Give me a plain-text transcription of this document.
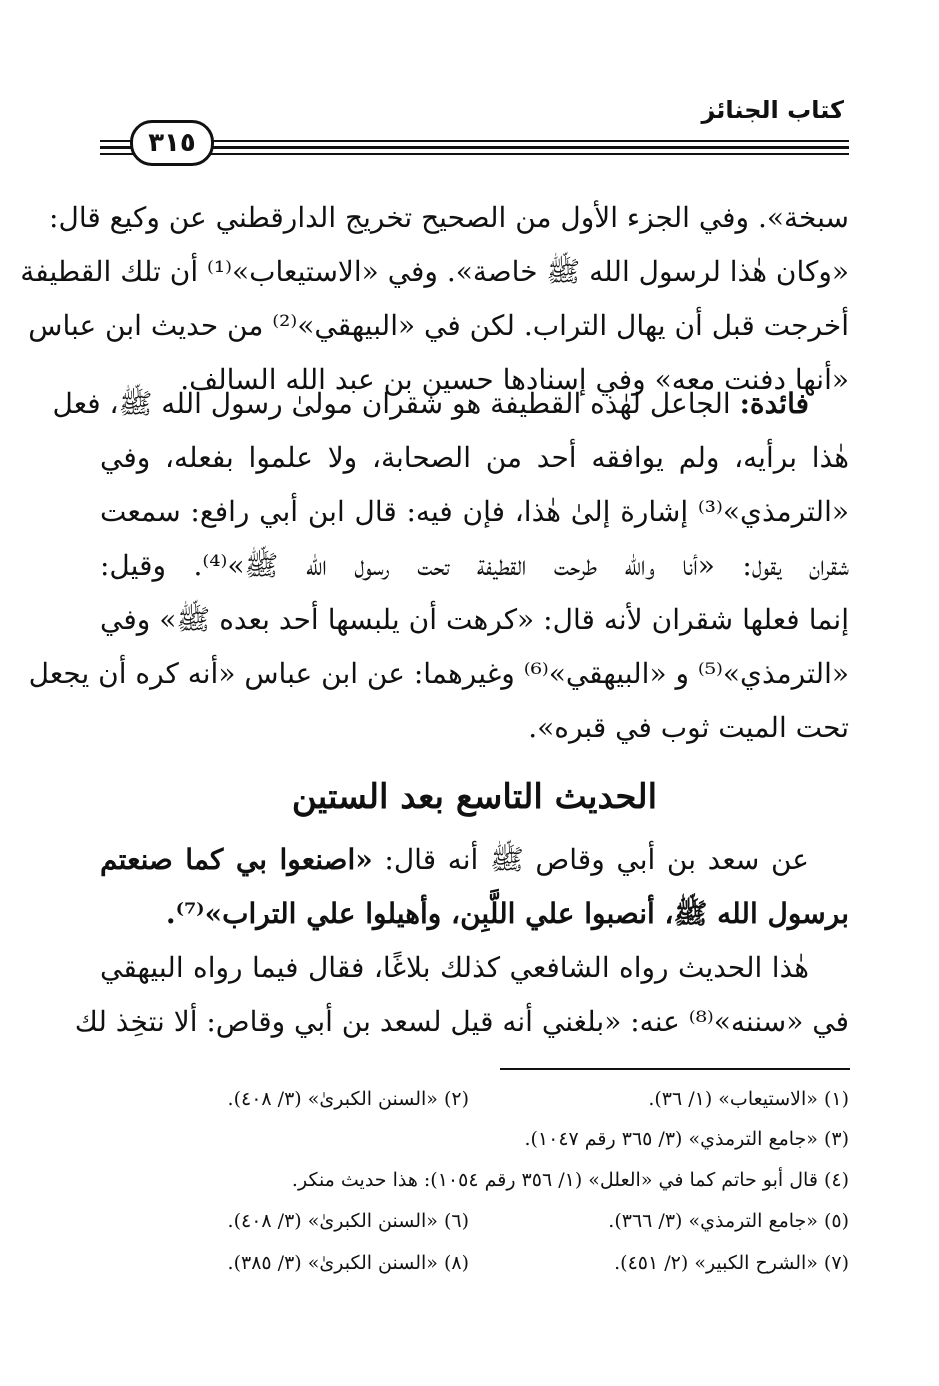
كتاب الجنائز
٣١٥
سبخة». وفي الجزء الأول من الصحيح تخريج الدارقطني عن وكيع قال:
«وكان هٰذا لرسول الله ﷺ خاصة». وفي «الاستيعاب»⁽¹⁾ أن تلك القطيفة
أخرجت قبل أن يهال التراب. لكن في «البيهقي»⁽²⁾ من حديث ابن عباس
«أنها دفنت معه» وفي إسنادها حسين بن عبد الله السالف.
فائدة: الجاعل لهٰذه القطيفة هو شقران مولىٰ رسول الله ﷺ، فعل
هٰذا برأيه، ولم يوافقه أحد من الصحابة، ولا علموا بفعله، وفي
«الترمذي»⁽³⁾ إشارة إلىٰ هٰذا، فإن فيه: قال ابن أبي رافع: سمعت
شقران يقول: «أنا والله طرحت القطيفة تحت رسول الله ﷺ»⁽⁴⁾. وقيل:
إنما فعلها شقران لأنه قال: «كرهت أن يلبسها أحد بعده ﷺ» وفي
«الترمذي»⁽⁵⁾ و «البيهقي»⁽⁶⁾ وغيرهما: عن ابن عباس «أنه كره أن يجعل
تحت الميت ثوب في قبره».
الحديث التاسع بعد الستين
عن سعد بن أبي وقاص ﷺ أنه قال: «اصنعوا بي كما صنعتم
برسول الله ﷺ، أنصبوا علي اللَّبِن، وأهيلوا علي التراب»⁽⁷⁾.
هٰذا الحديث رواه الشافعي كذلك بلاغًا، فقال فيما رواه البيهقي
في «سننه»⁽⁸⁾ عنه: «بلغني أنه قيل لسعد بن أبي وقاص: ألا نتخِذ لك
(١) «الاستيعاب» (١/ ٣٦).
(٢) «السنن الكبرىٰ» (٣/ ٤٠٨).
(٣) «جامع الترمذي» (٣/ ٣٦٥ رقم ١٠٤٧).
(٤) قال أبو حاتم كما في «العلل» (١/ ٣٥٦ رقم ١٠٥٤): هذا حديث منكر.
(٥) «جامع الترمذي» (٣/ ٣٦٦).
(٦) «السنن الكبرىٰ» (٣/ ٤٠٨).
(٧) «الشرح الكبير» (٢/ ٤٥١).
(٨) «السنن الكبرىٰ» (٣/ ٣٨٥).
